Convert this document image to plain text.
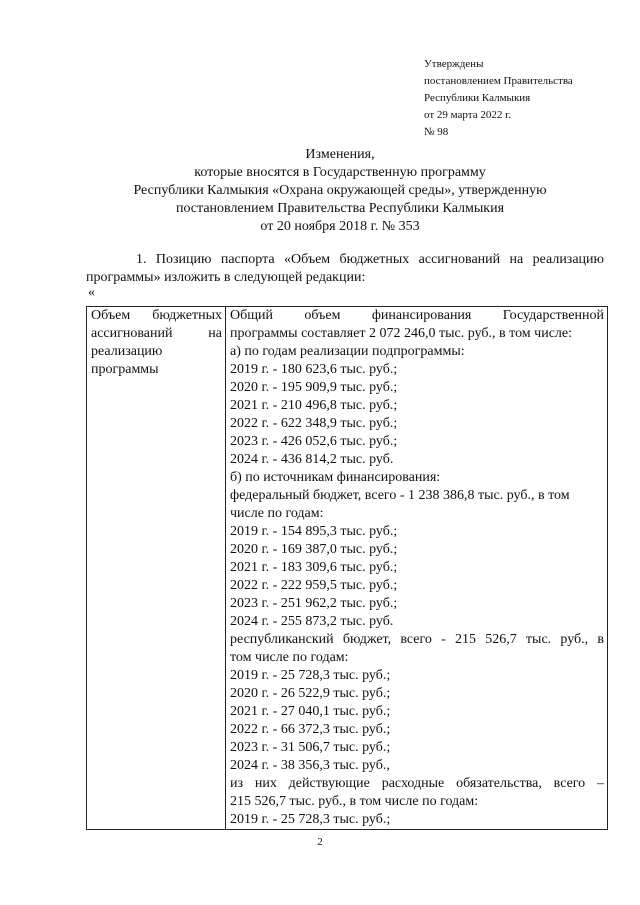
Утверждены
постановлением Правительства
Республики Калмыкия
от 29 марта 2022 г.
№ 98
Изменения,
которые вносятся в Государственную программу
Республики Калмыкия «Охрана окружающей среды», утвержденную
постановлением Правительства Республики Калмыкия
от 20 ноября 2018 г. № 353
1. Позицию паспорта «Объем бюджетных ассигнований на реализацию
программы» изложить в следующей редакции:
«
Объем бюджетных
ассигнований на
реализацию
программы

Общий объем финансирования Государственной
программы составляет 2 072 246,0 тыс. руб., в том числе:
а) по годам реализации подпрограммы:
2019 г. - 180 623,6 тыс. руб.;
2020 г. - 195 909,9 тыс. руб.;
2021 г. - 210 496,8 тыс. руб.;
2022 г. - 622 348,9 тыс. руб.;
2023 г. - 426 052,6 тыс. руб.;
2024 г. - 436 814,2 тыс. руб.
б) по источникам финансирования:
федеральный бюджет, всего - 1 238 386,8 тыс. руб., в том
числе по годам:
2019 г. - 154 895,3 тыс. руб.;
2020 г. - 169 387,0 тыс. руб.;
2021 г. - 183 309,6 тыс. руб.;
2022 г. - 222 959,5 тыс. руб.;
2023 г. - 251 962,2 тыс. руб.;
2024 г. - 255 873,2 тыс. руб.
республиканский бюджет, всего - 215 526,7 тыс. руб., в
том числе по годам:
2019 г. - 25 728,3 тыс. руб.;
2020 г. - 26 522,9 тыс. руб.;
2021 г. - 27 040,1 тыс. руб.;
2022 г. - 66 372,3 тыс. руб.;
2023 г. - 31 506,7 тыс. руб.;
2024 г. - 38 356,3 тыс. руб.,
из них действующие расходные обязательства, всего –
215 526,7 тыс. руб., в том числе по годам:
2019 г. - 25 728,3 тыс. руб.;
2
